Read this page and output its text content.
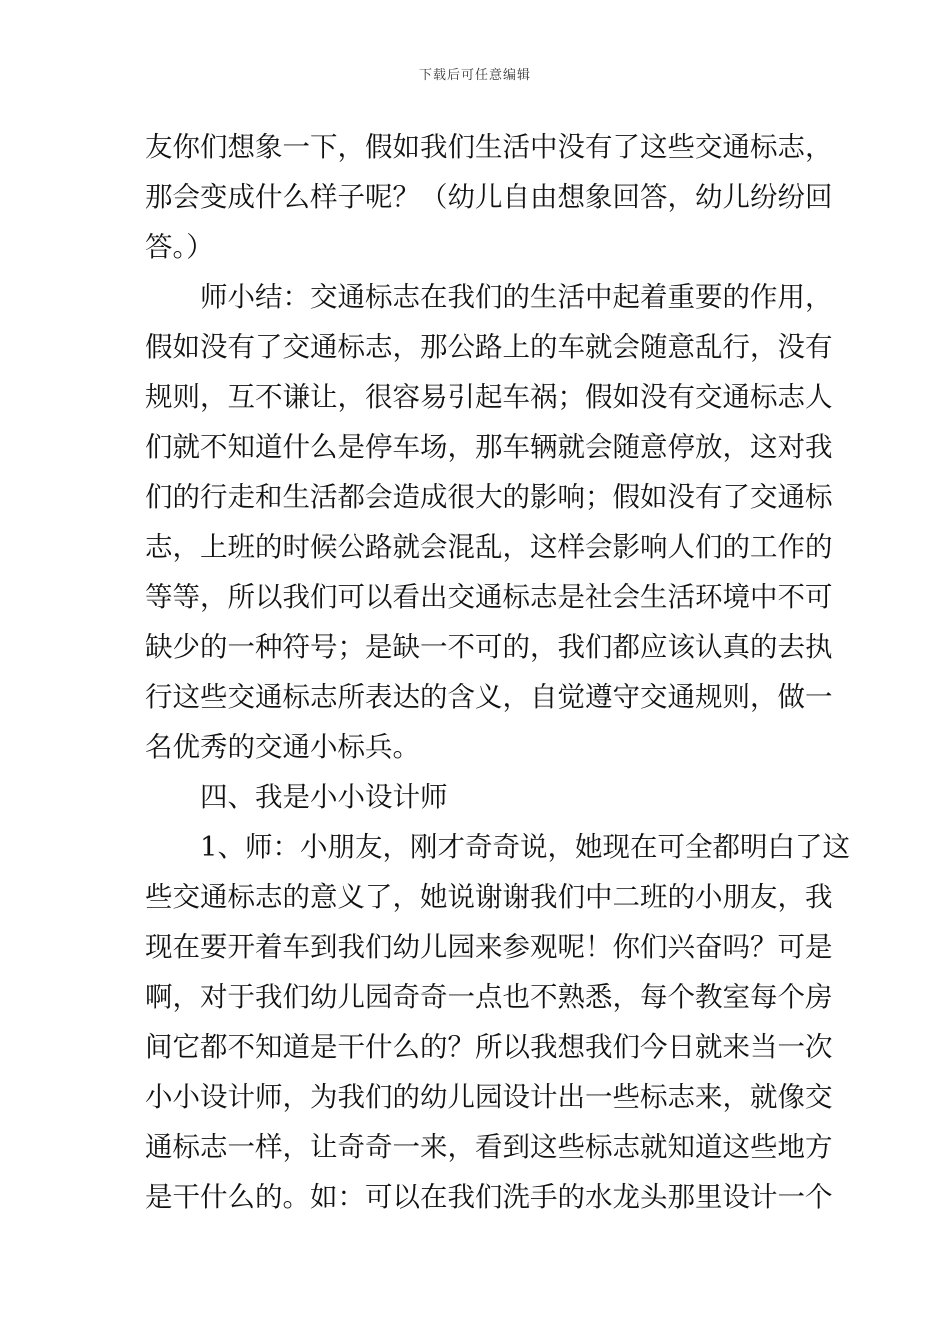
下载后可任意编辑
友你们想象一下，假如我们生活中没有了这些交通标志，
那会变成什么样子呢？（幼儿自由想象回答，幼儿纷纷回
答。）
师小结：交通标志在我们的生活中起着重要的作用，
假如没有了交通标志，那公路上的车就会随意乱行，没有
规则，互不谦让，很容易引起车祸；假如没有交通标志人
们就不知道什么是停车场，那车辆就会随意停放，这对我
们的行走和生活都会造成很大的影响；假如没有了交通标
志，上班的时候公路就会混乱，这样会影响人们的工作的
等等，所以我们可以看出交通标志是社会生活环境中不可
缺少的一种符号；是缺一不可的，我们都应该认真的去执
行这些交通标志所表达的含义，自觉遵守交通规则，做一
名优秀的交通小标兵。
四、我是小小设计师
1、师：小朋友，刚才奇奇说，她现在可全都明白了这
些交通标志的意义了，她说谢谢我们中二班的小朋友，我
现在要开着车到我们幼儿园来参观呢！你们兴奋吗？可是
啊，对于我们幼儿园奇奇一点也不熟悉，每个教室每个房
间它都不知道是干什么的？所以我想我们今日就来当一次
小小设计师，为我们的幼儿园设计出一些标志来，就像交
通标志一样，让奇奇一来，看到这些标志就知道这些地方
是干什么的。如：可以在我们洗手的水龙头那里设计一个
